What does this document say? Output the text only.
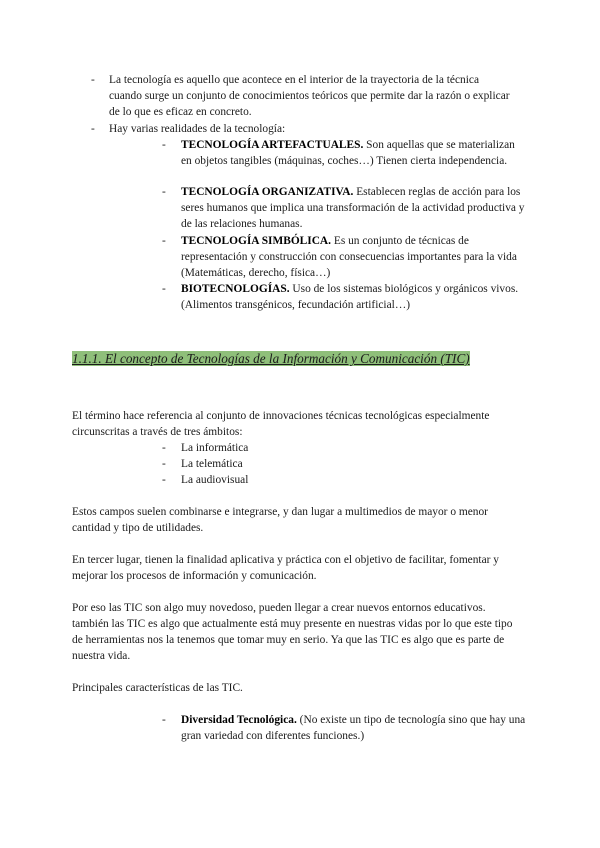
- La tecnología es aquello que acontece en el interior de la trayectoria de la técnica cuando surge un conjunto de conocimientos teóricos que permite dar la razón o explicar de lo que es eficaz en concreto.

- Hay varias realidades de la tecnología:

- TECNOLOGÍA ARTEFACTUALES. Son aquellas que se materializan en objetos tangibles (máquinas, coches…) Tienen cierta independencia.

- TECNOLOGÍA ORGANIZATIVA. Establecen reglas de acción para los seres humanos que implica una transformación de la actividad productiva y de las relaciones humanas.

- TECNOLOGÍA SIMBÓLICA. Es un conjunto de técnicas de representación y construcción con consecuencias importantes para la vida (Matemáticas, derecho, física…)

- BIOTECNOLOGÍAS. Uso de los sistemas biológicos y orgánicos vivos. (Alimentos transgénicos, fecundación artificial…)

1.1.1. El concepto de Tecnologías de la Información y Comunicación (TIC)

El término hace referencia al conjunto de innovaciones técnicas tecnológicas especialmente circunscritas a través de tres ámbitos:

- La informática

- La telemática

- La audiovisual

Estos campos suelen combinarse e integrarse, y dan lugar a multimedios de mayor o menor cantidad y tipo de utilidades.

En tercer lugar, tienen la finalidad aplicativa y práctica con el objetivo de facilitar, fomentar y mejorar los procesos de información y comunicación.

Por eso las TIC son algo muy novedoso, pueden llegar a crear nuevos entornos educativos. también las TIC es algo que actualmente está muy presente en nuestras vidas por lo que este tipo de herramientas nos la tenemos que tomar muy en serio. Ya que las TIC es algo que es parte de nuestra vida.

Principales características de las TIC.

- Diversidad Tecnológica. (No existe un tipo de tecnología sino que hay una gran variedad con diferentes funciones.)
